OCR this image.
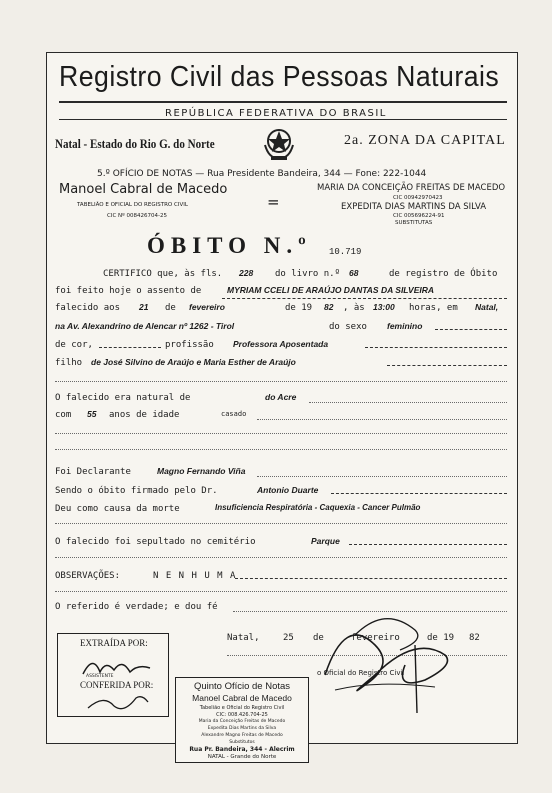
Registro Civil das Pessoas Naturais
REPÚBLICA FEDERATIVA DO BRASIL
Natal - Estado do Rio G. do Norte	2a. ZONA DA CAPITAL
5.º OFÍCIO DE NOTAS — Rua Presidente Bandeira, 344 — Fone: 222-1044
Manoel Cabral de Macedo
TABELIÃO E OFICIAL DO REGISTRO CIVIL
CIC Nº 008426704-25
=
MARIA DA CONCEIÇÃO FREITAS DE MACEDO
CIC 00942970423
EXPEDITA DIAS MARTINS DA SILVA
CIC 005696224-91
SUBSTITUTAS
ÓBITO N.º 10.719
CERTIFICO que, às fls. 228 do livro n.º 68	de registro de Óbito
foi feito hoje o assento de	MYRIAM CCELI DE ARAÚJO DANTAS DA SILVEIRA
falecido aos 21 de fevereiro	de 19 82 , às 13:00 horas, em Natal,
na Av. Alexandrino de Alencar nº 1262 - Tirol	do sexo feminino
de cor,	profissão Professora Aposentada
filho de José Silvino de Araújo e Maria Esther de Araújo
O falecido era natural de	do Acre
com 55 anos de idade	casado
Foi Declarante	Magno Fernando Viña
Sendo o óbito firmado pelo Dr.	Antonio Duarte
Deu como causa da morte	Insuficiencia Respiratória - Caquexia - Cancer Pulmão
O falecido foi sepultado no cemitério	Parque
OBSERVAÇÕES:	N E N H U M A
O referido é verdade; e dou fé
Natal,	25 de	fevereiro	de 19 82
o Oficial do Registro Civil
EXTRAÍDA POR:
ASSISTENTE
CONFERIDA POR:	Quinto Ofício de Notas
Manoel Cabral de Macedo
Tabelião e Oficial do Registro Civil
CIC: 008.426.704-25
Maria da Conceição Freitas de Macedo
Expedita Dias Martins da Silva
Alexandre Magno Freitas de Macedo
Substitutos
Rua Pr. Bandeira, 344 - Alecrim
NATAL - Grande do Norte
